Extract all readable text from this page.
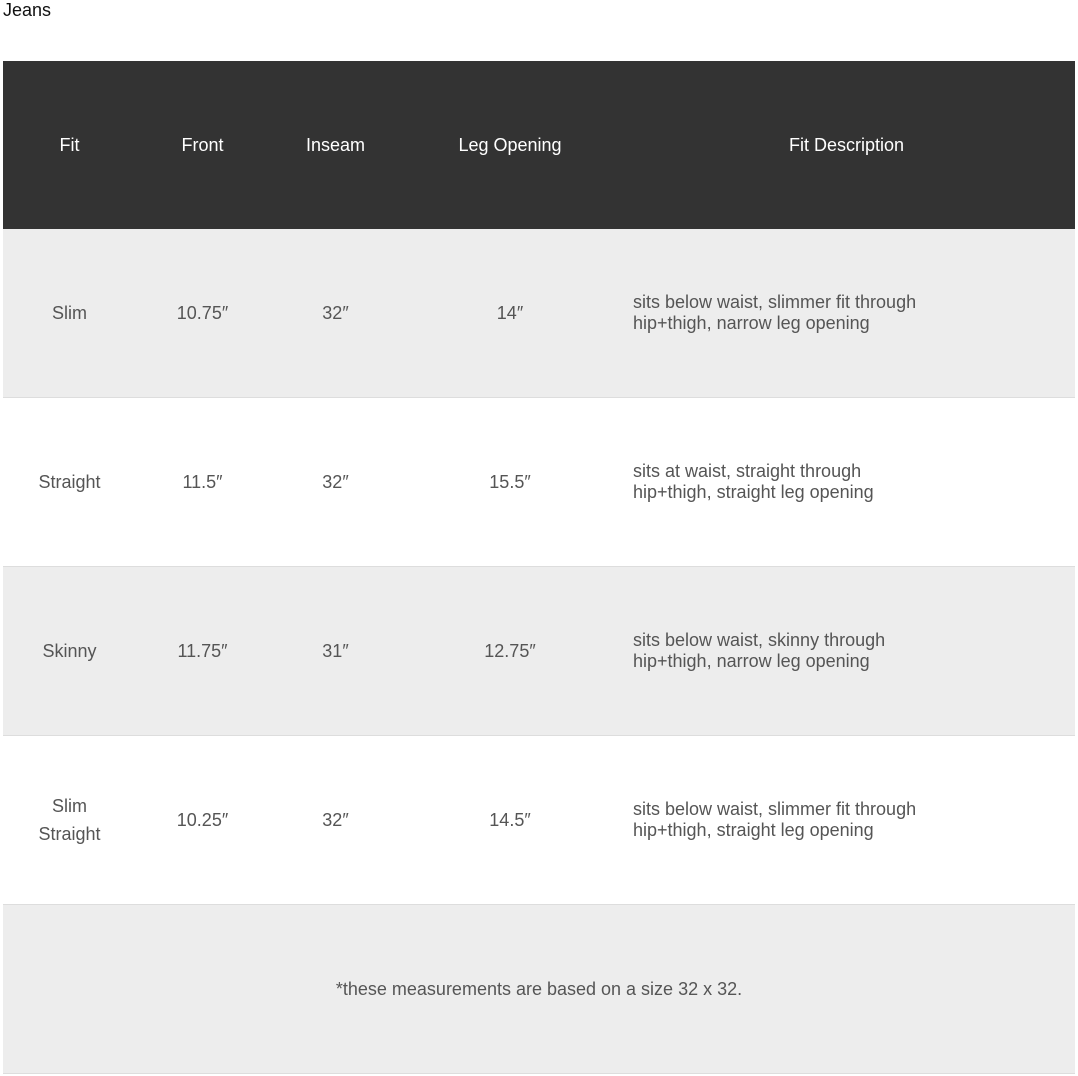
Jeans
Fit	Front	Inseam	Leg Opening	Fit Description
Slim	10.75″	32″	14″	sits below waist, slimmer fit through hip+thigh, narrow leg opening

Straight	11.5″	32″	15.5″	sits at waist, straight through hip+thigh, straight leg opening

Skinny	11.75″	31″	12.75″	sits below waist, skinny through hip+thigh, narrow leg opening

Slim Straight	10.25″	32″	14.5″	sits below waist, slimmer fit through hip+thigh, straight leg opening

*these measurements are based on a size 32 x 32.				
